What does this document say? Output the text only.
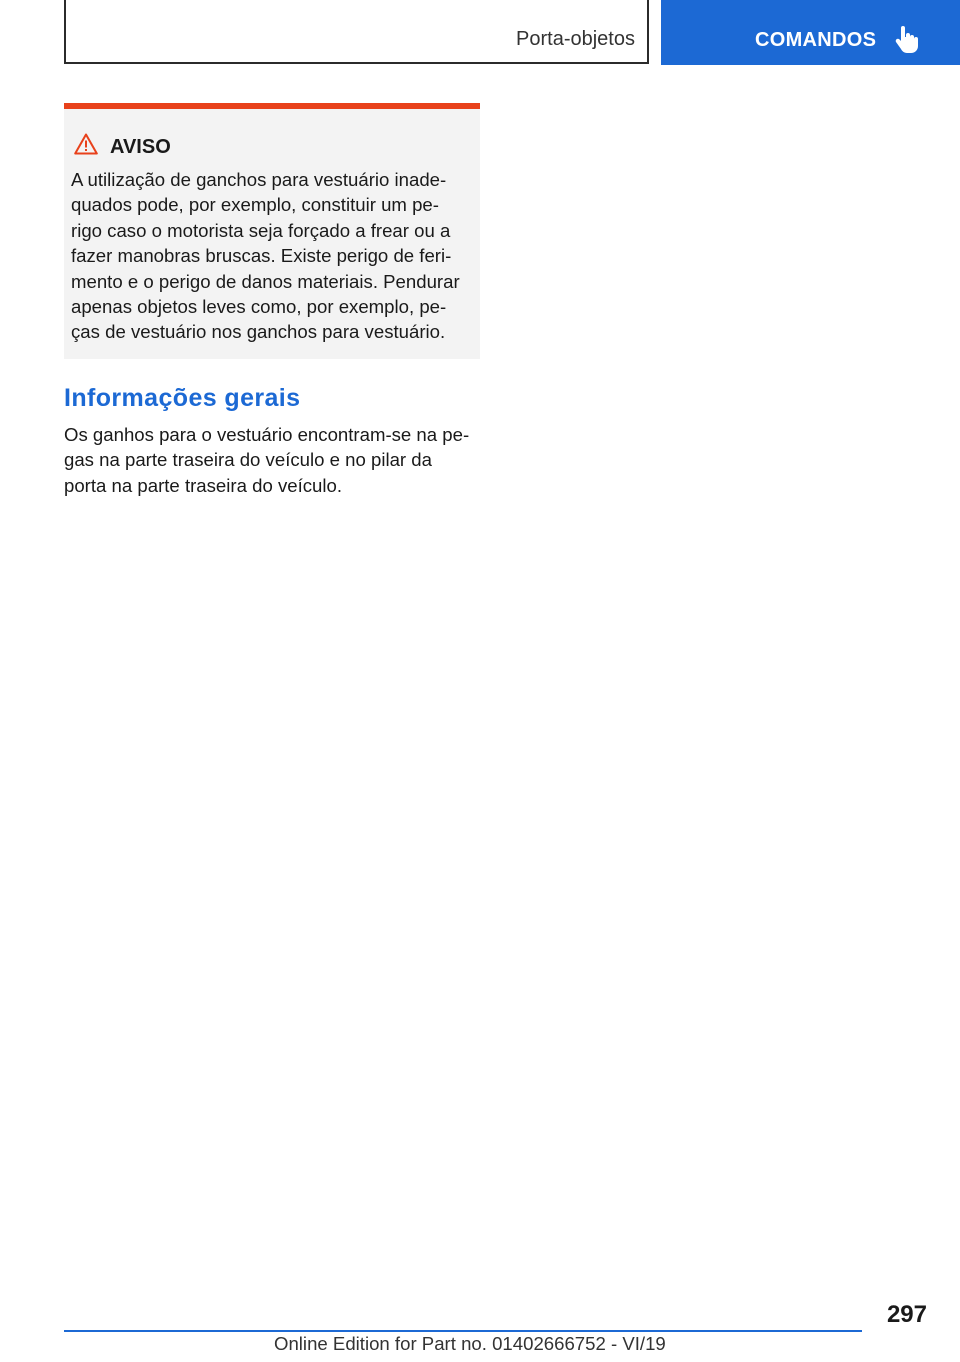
Porta-objetos	COMANDOS
AVISO
A utilização de ganchos para vestuário inade-
quados pode, por exemplo, constituir um pe-
rigo caso o motorista seja forçado a frear ou a
fazer manobras bruscas. Existe perigo de feri-
mento e o perigo de danos materiais. Pendurar
apenas objetos leves como, por exemplo, pe-
ças de vestuário nos ganchos para vestuário.
Informações gerais
Os ganhos para o vestuário encontram-se na pe-
gas na parte traseira do veículo e no pilar da
porta na parte traseira do veículo.
297
Online Edition for Part no. 01402666752 - VI/19
